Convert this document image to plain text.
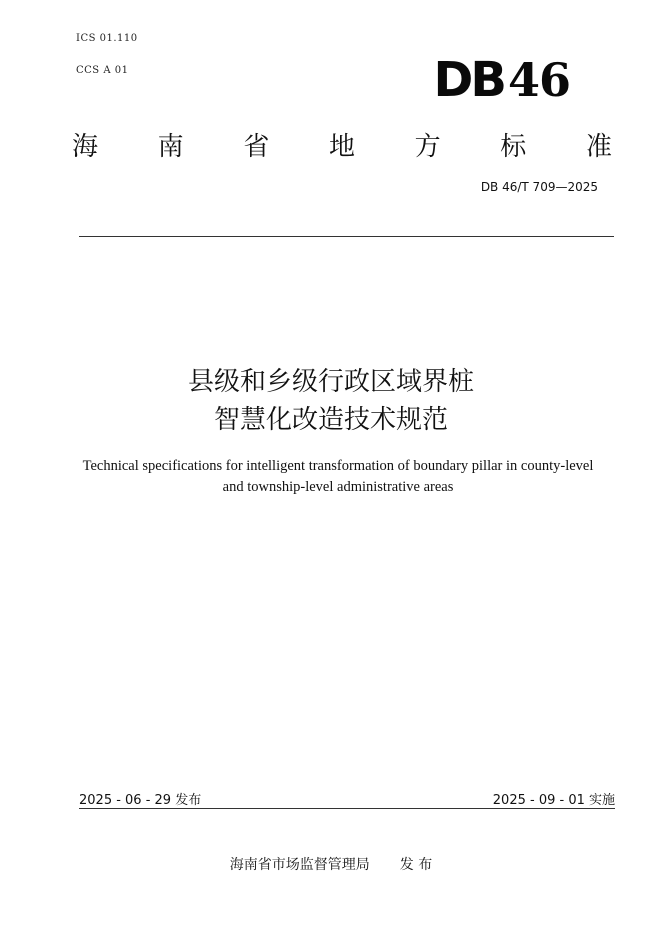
ICS 01.110
CCS A 01	DB46
海 南 省 地 方 标 准
DB 46/T 709—2025
县级和乡级行政区域界桩
智慧化改造技术规范
Technical specifications for intelligent transformation of boundary pillar in county-level and township-level administrative areas
2025 - 06 - 29 发布	2025 - 09 - 01 实施
海南省市场监督管理局 发 布
